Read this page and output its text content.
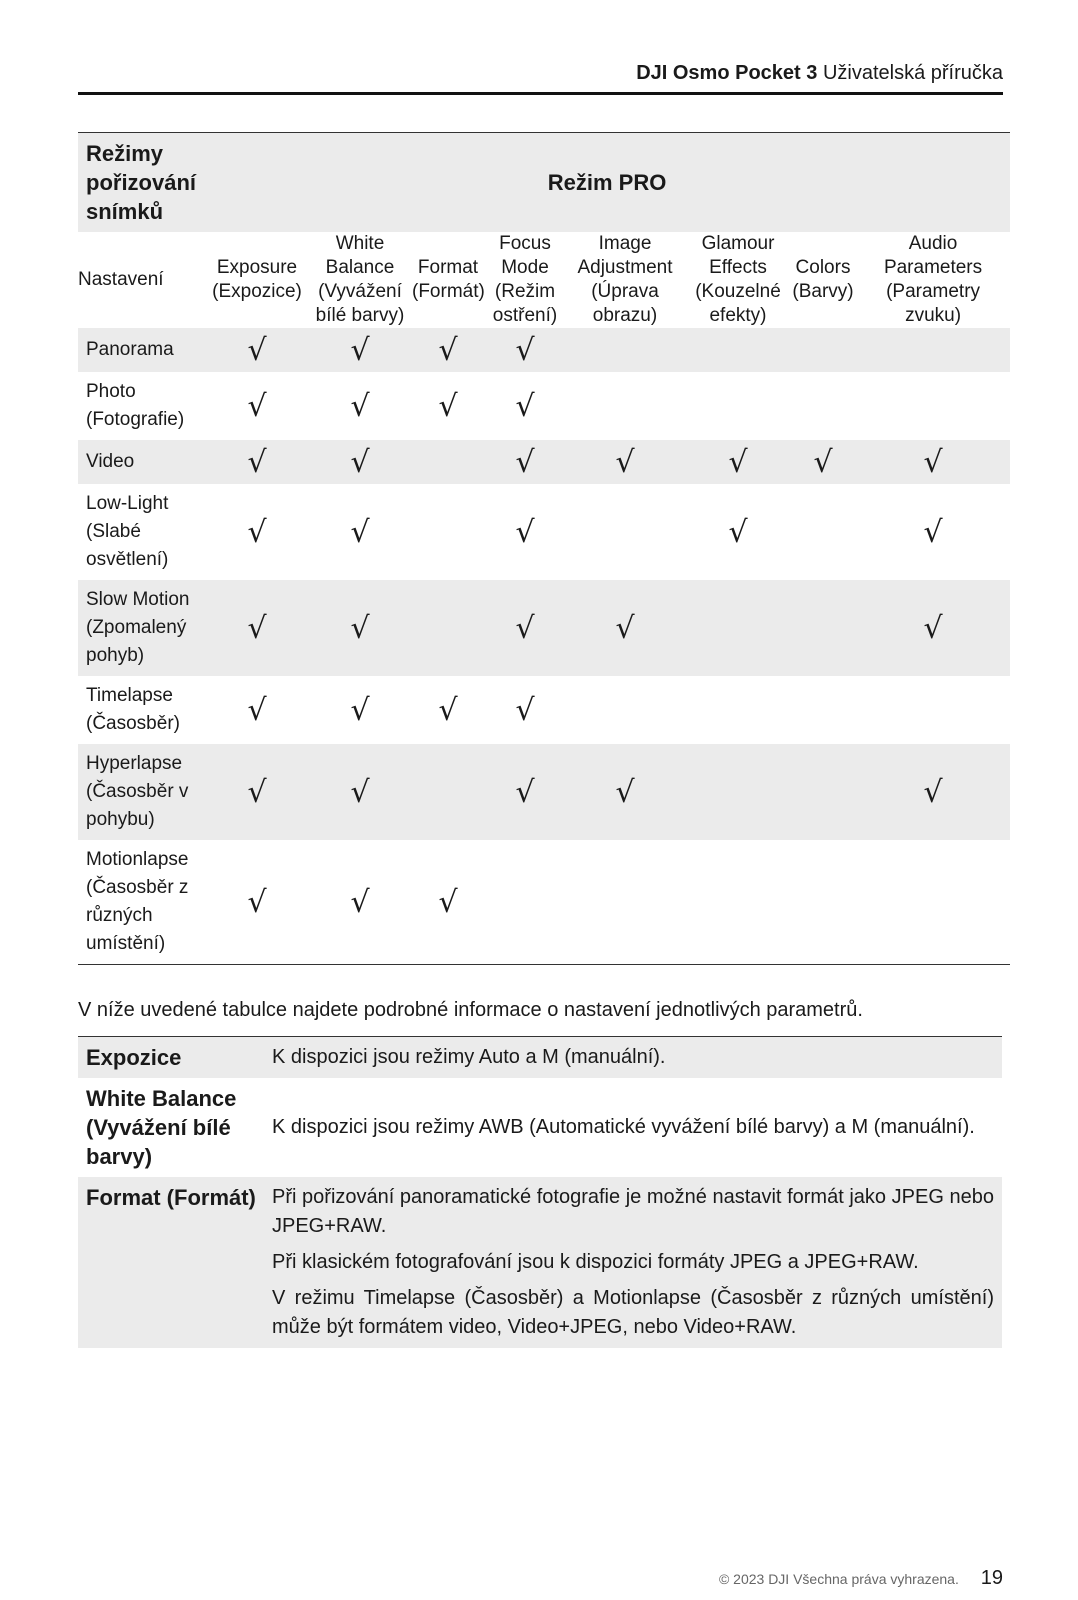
DJI Osmo Pocket 3 Uživatelská příručka
Režimy pořizování snímků	Režim PRO							
Nastavení	Exposure (Expozice)	White Balance (Vyvážení bílé barvy)	Format (Formát)	Focus Mode (Režim ostření)	Image Adjustment (Úprava obrazu)	Glamour Effects (Kouzelné efekty)	Colors (Barvy)	Audio Parameters (Parametry zvuku)
Panorama	√	√	√	√				
Photo (Fotografie)	√	√	√	√				
Video	√	√		√	√	√	√	√
Low-Light (Slabé osvětlení)	√	√		√		√		√
Slow Motion (Zpomalený pohyb)	√	√		√	√			√
Timelapse (Časosběr)	√	√	√	√				
Hyperlapse (Časosběr v pohybu)	√	√		√	√			√
Motionlapse (Časosběr z různých umístění)	√	√	√					
V níže uvedené tabulce najdete podrobné informace o nastavení jednotlivých parametrů.
Expozice	K dispozici jsou režimy Auto a M (manuální).

White Balance (Vyvážení bílé barvy)	K dispozici jsou režimy AWB (Automatické vyvážení bílé barvy) a M (manuální).

Format (Formát)	Při pořizování panoramatické fotografie je možné nastavit formát jako JPEG nebo JPEG+RAW.

Při klasickém fotografování jsou k dispozici formáty JPEG a JPEG+RAW.

V režimu Timelapse (Časosběr) a Motionlapse (Časosběr z různých umístění) může být formátem video, Video+JPEG, nebo Video+RAW.

© 2023 DJI Všechna práva vyhrazena. 19
